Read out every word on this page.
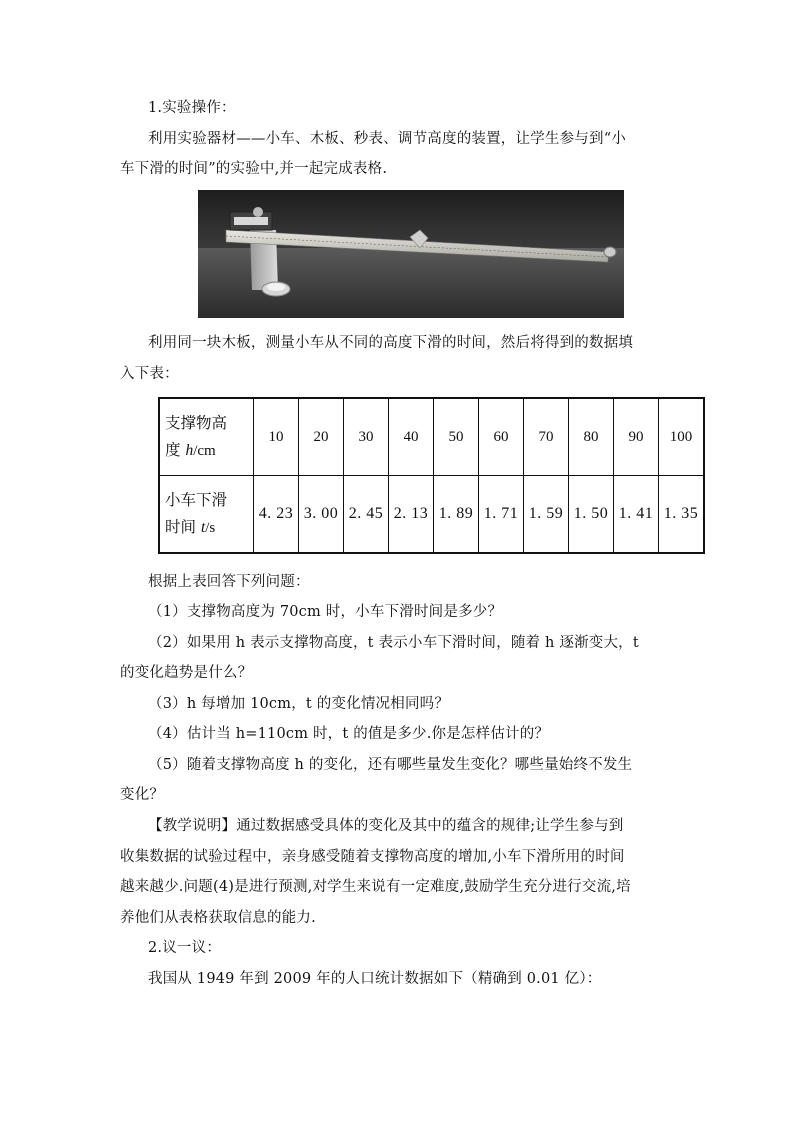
1.实验操作：
利用实验器材——小车、木板、秒表、调节高度的装置，让学生参与到“小
车下滑的时间”的实验中,并一起完成表格.
利用同一块木板，测量小车从不同的高度下滑的时间，然后将得到的数据填
入下表：
支撑物高
度 h/cm	10	20	30	40	50	60	70	80	90	100
小车下滑
时间 t/s	4. 23	3. 00	2. 45	2. 13	1. 89	1. 71	1. 59	1. 50	1. 41	1. 35
根据上表回答下列问题：
（1）支撑物高度为 70cm 时，小车下滑时间是多少？
（2）如果用 h 表示支撑物高度，t 表示小车下滑时间，随着 h 逐渐变大，t
的变化趋势是什么？
（3）h 每增加 10cm，t 的变化情况相同吗？
（4）估计当 h=110cm 时，t 的值是多少.你是怎样估计的？
（5）随着支撑物高度 h 的变化，还有哪些量发生变化？哪些量始终不发生
变化？
【教学说明】通过数据感受具体的变化及其中的蕴含的规律;让学生参与到
收集数据的试验过程中，亲身感受随着支撑物高度的增加,小车下滑所用的时间
越来越少.问题(4)是进行预测,对学生来说有一定难度,鼓励学生充分进行交流,培
养他们从表格获取信息的能力.
2.议一议：
我国从 1949 年到 2009 年的人口统计数据如下（精确到 0.01 亿）：
